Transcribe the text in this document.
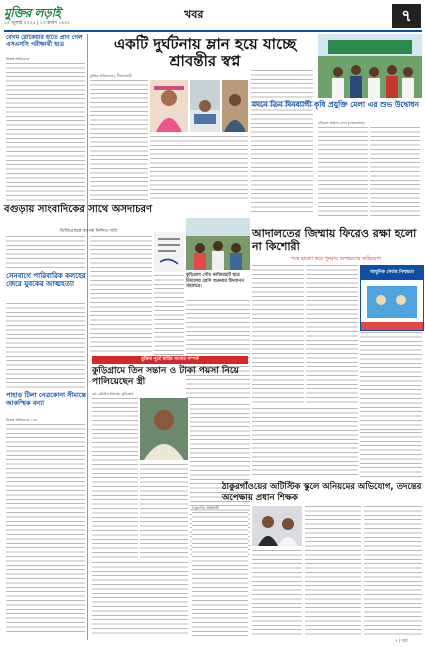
মুক্তির লড়াই
১৫ জুলাই ২০২৫ | ২৩ শ্রাবণ ১৪৩২
খবর	৭
বেগম রোকেয়ার হাতে প্রাণ গেল এসএসসি পরীক্ষার্থী ছাত্র
নিজস্ব প্রতিবেদক
বগুড়ায় সাংবাদিকের সাথে অসদাচরণ
ডিজিএফকে ব্যাপক নিন্দিত দাবি
সেনবাগে পারিবারিক কলহের জেরে যুবকের আত্মহত্যা
পাহাড় টিলা নেত্রকোনা সীমান্তে আকস্মিক বন্যা
নিজস্ব প্রতিবেদক ১৫৮
একটি দুর্ঘটনায় ম্লান হয়ে যাচ্ছে শ্রাবন্তীর স্বপ্ন
মুক্তির প্রতিবেদক | নীলফামারী
মদনে তিন দিনব্যাপী কৃষি প্রযুক্তি মেলা এর শুভ উদ্বোধন
মনিরুল আমান, মদন (নেত্রকোনা)
কুড়িগ্রাম পৌর কাজিরহাট ছাত্র বিদ্যালয় শ্রেণি শুক্রবার উদযাপন সহকারে।
আদালতের জিম্মায় ফিরেও রক্ষা হলো না কিশোরী
পথে হামলা করে পুনরায় অপহরণের অভিযোগ
আধুনিক সেবার নিশ্চয়তা
মুক্তির পূর্বে স্বামীর সংসার সম্পর্ক
কুড়িগ্রামে তিন সন্তান ও টাকা পয়সা নিয়ে পালিয়েছেন স্ত্রী
মো. রবিউল ইসলাম, কুড়িগ্রাম
ঠাকুরগাঁওয়ের অটিস্টিক স্কুলে অনিয়মের অভিযোগ, তদন্তের অপেক্ষায় প্রধান শিক্ষক
ঠাকুরগাঁও প্রতিনিধি
৭ | পৃষ্ঠা
